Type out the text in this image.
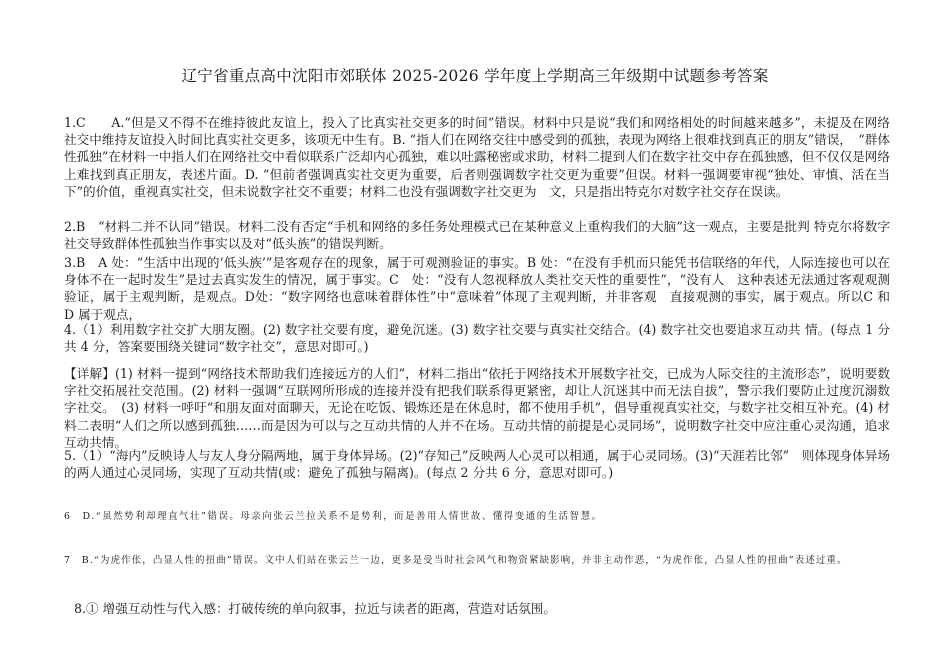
辽宁省重点高中沈阳市郊联体 2025-2026 学年度上学期高三年级期中试题参考答案

1.C　　A.“但是又不得不在维持彼此友谊上，投入了比真实社交更多的时间”错误。材料中只是说“我们和网络相处的时间越来越多”，未提及在网络社交中维持友谊投入时间比真实社交更多，该项无中生有。B. “指人们在网络交往中感受到的孤独，表现为网络上很难找到真正的朋友”错误，　“群体性孤独”在材料一中指人们在网络社交中看似联系广泛却内心孤独，难以吐露秘密或求助，材料二提到人们在数字社交中存在孤独感，但不仅仅是网络上难找到真正朋友，表述片面。D. “但前者强调真实社交更为重要，后者则强调数字社交更为重要”但误。材料一强调要审视“独处、审慎、活在当下”的价值，重视真实社交，但未说数字社交不重要；材料二也没有强调数字社交更为　文，只是指出特克尔对数字社交存在误读。

2.B　“材料二并不认同”错误。材料二没有否定“手机和网络的多任务处理模式已在某种意义上重构我们的大脑”这一观点，主要是批判 特克尔将数字社交导致群体性孤独当作事实以及对“低头族”的错误判断。

3.B　A 处：“生活中出现的‘低头族’”是客观存在的现象，属于可观测验证的事实。B 处：“在没有手机而只能凭书信联络的年代，人际连接也可以在身体不在一起时发生”是过去真实发生的情况，属于事实。C　处：“没有人忽视释放人类社交天性的重要性”，“没有人　这种表述无法通过客观观测验证，属于主观判断，是观点。D处：“数字网络也意味着群体性”中“意味着”体现了主观判断，并非客观　直接观测的事实，属于观点。所以C 和　D 属于观点，

4.（1）利用数字社交扩大朋友圈。(2) 数字社交要有度，避免沉迷。(3) 数字社交要与真实社交结合。(4) 数字社交也要追求互动共 情。(每点 1 分共 4 分，答案要围绕关键词“数字社交”，意思对即可。)

【详解】(1) 材料一提到“网络技术帮助我们连接远方的人们”，材料二指出“依托于网络技术开展数字社交，已成为人际交往的主流形态”，说明要数字社交拓展社交范围。(2) 材料一强调“互联网所形成的连接并没有把我们联系得更紧密，却让人沉迷其中而无法自拔”，警示我们要防止过度沉溺数字社交。　(3) 材料一呼吁“和朋友面对面聊天，无论在吃饭、锻炼还是在休息时，都不使用手机”，倡导重视真实社交，与数字社交相互补充。(4) 材料二表明“人们之所以感到孤独……而是因为可以与之互动共情的人并不在场。互动共情的前提是心灵同场”，说明数字社交中应注重心灵沟通，追求互动共情。

5.（1）“海内”反映诗人与友人身分隔两地，属于身体异场。(2)“存知己”反映两人心灵可以相通，属于心灵同场。(3)“天涯若比邻”　则体现身体异场的两人通过心灵同场，实现了互动共情(或：避免了孤独与隔离)。(每点 2 分共 6 分，意思对即可。)

6　D.“虽然势利却理直气壮”错误。母亲向张云兰拉关系不是势利，而是善用人情世故、懂得变通的生活智慧。

7　B.“为虎作伥，凸显人性的扭曲”错误。文中人们站在张云兰一边，更多是受当时社会风气和物资紧缺影响，并非主动作恶，“为虎作伥，凸显人性的扭曲”表述过重。

8.① 增强互动性与代入感：打破传统的单向叙事，拉近与读者的距离，营造对话氛围。
